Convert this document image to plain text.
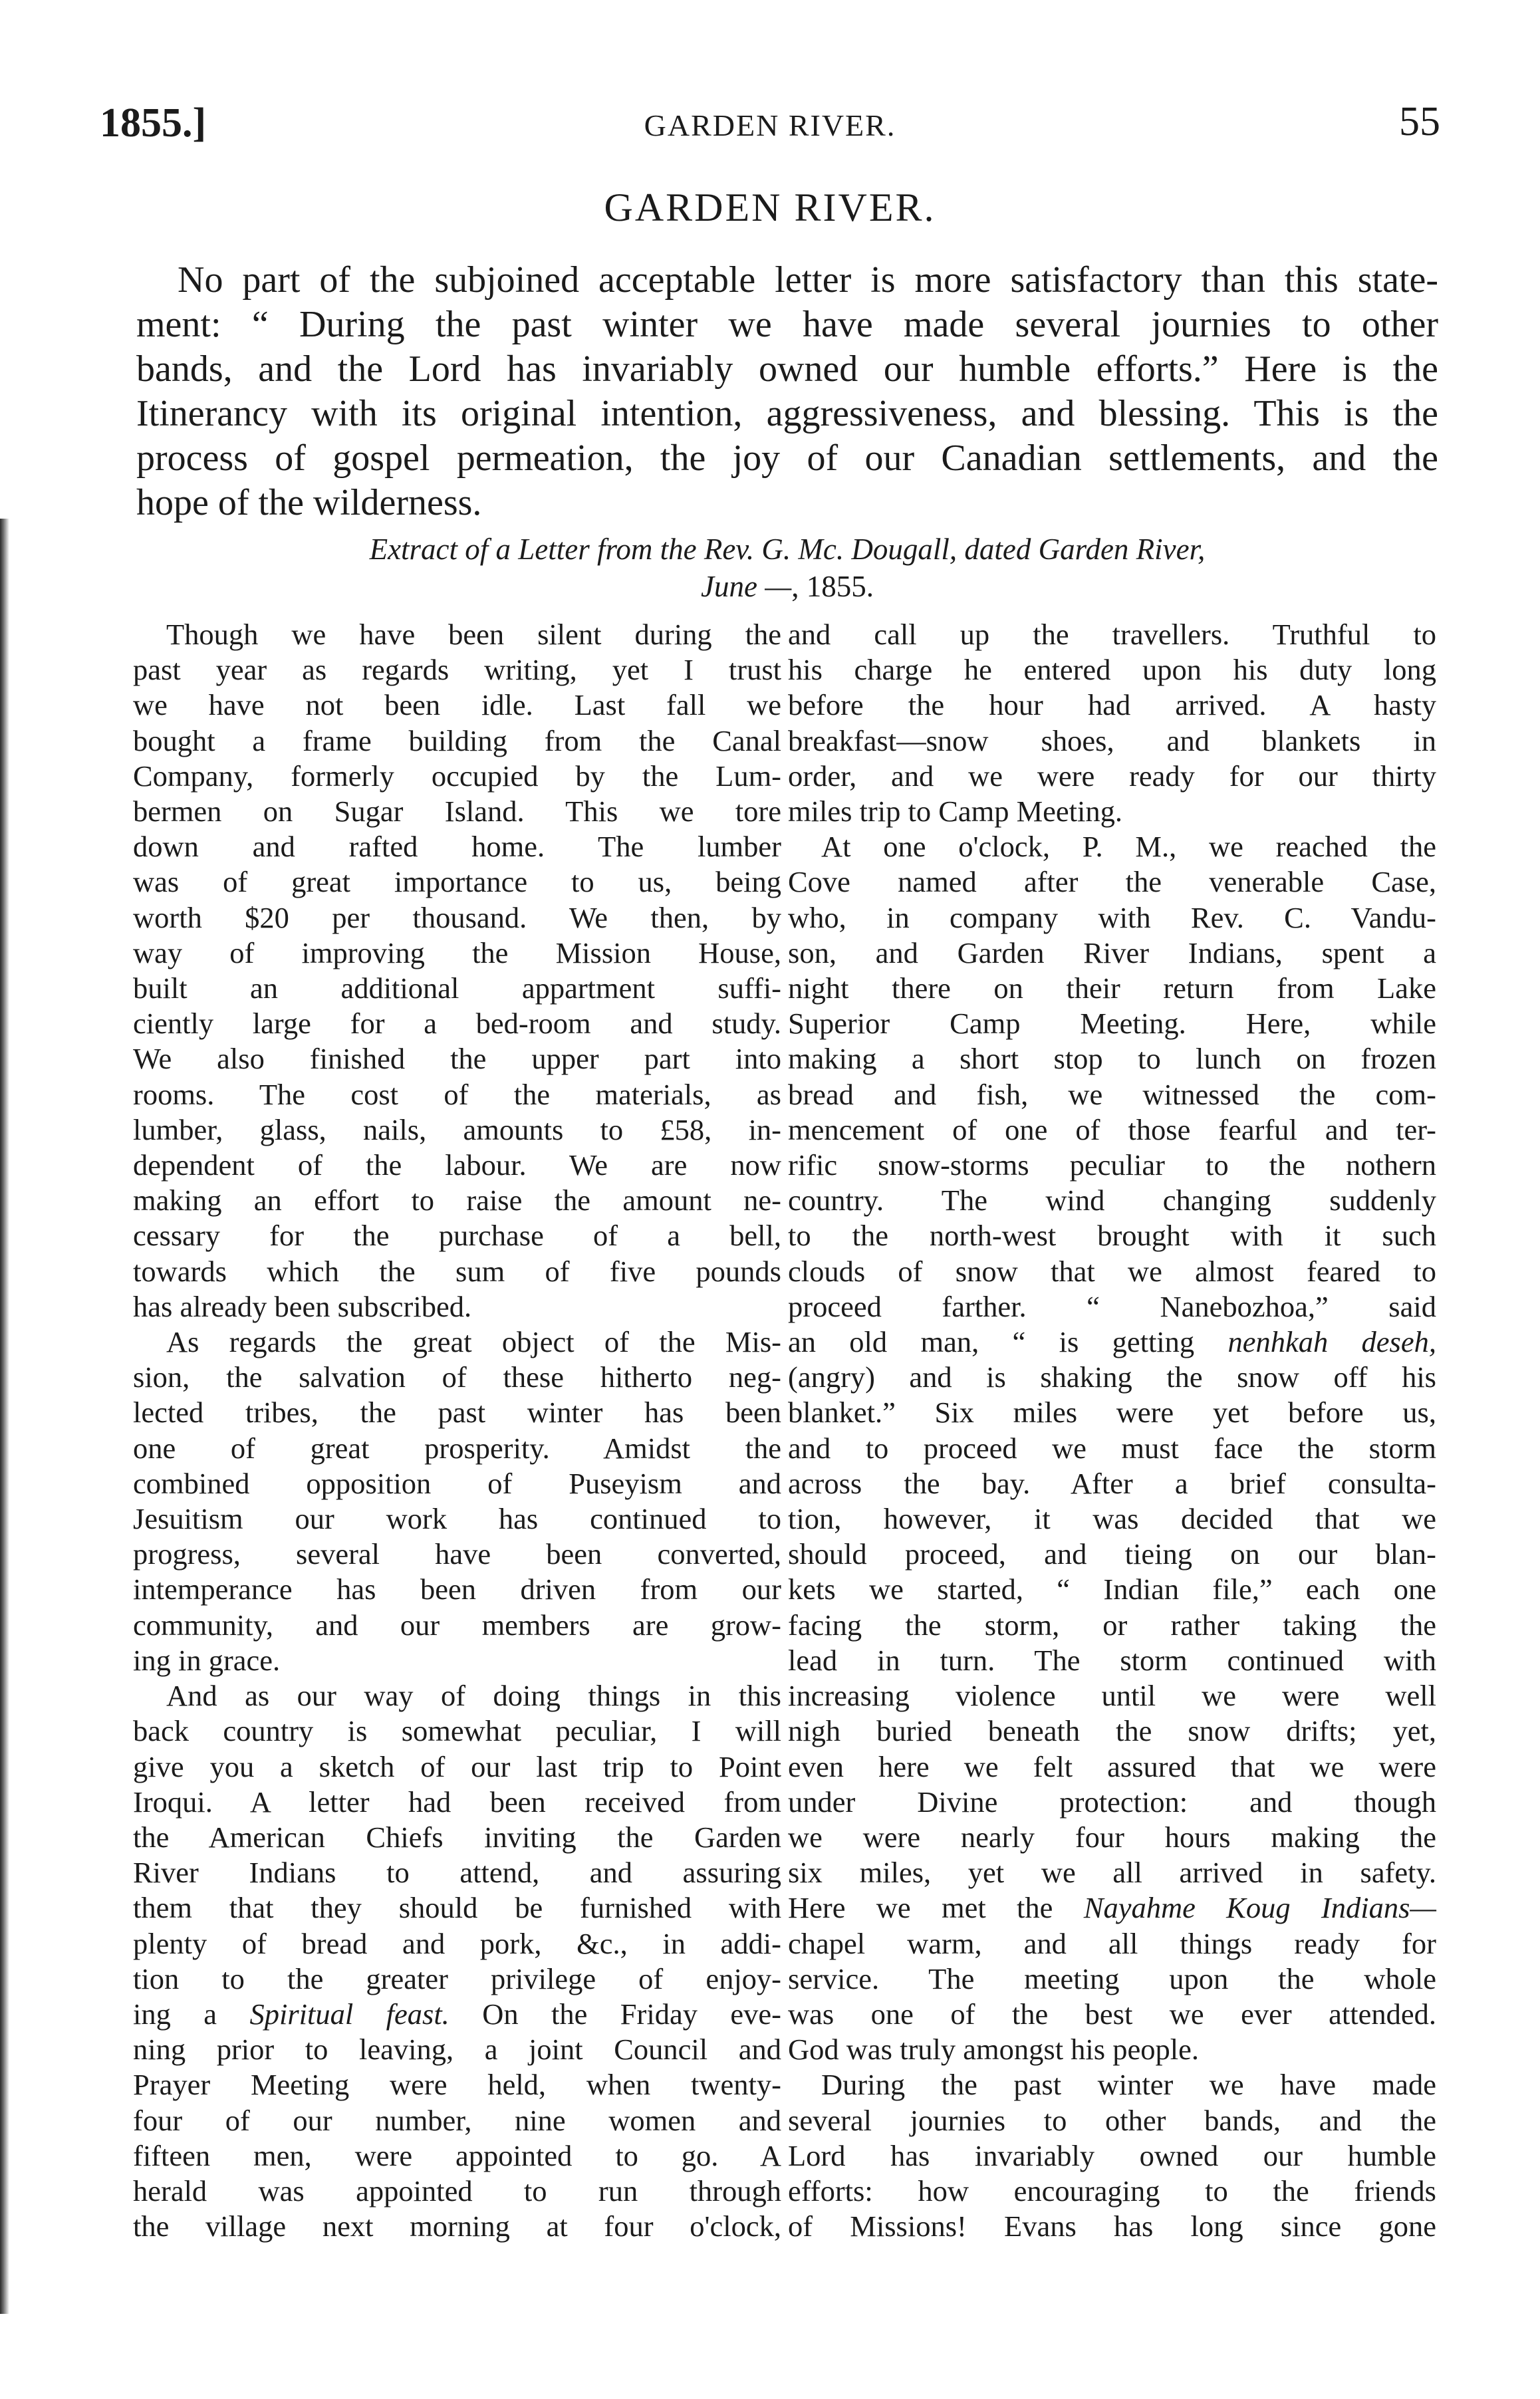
1855.]	GARDEN RIVER.	55
GARDEN RIVER.
No part of the subjoined acceptable letter is more satisfactory than this state-
ment: “ During the past winter we have made several journies to other
bands, and the Lord has invariably owned our humble efforts.” Here is the
Itinerancy with its original intention, aggressiveness, and blessing. This is the
process of gospel permeation, the joy of our Canadian settlements, and the
hope of the wilderness.
Extract of a Letter from the Rev. G. Mc. Dougall, dated Garden River,
June —, 1855.
Though we have been silent during the
past year as regards writing, yet I trust
we have not been idle. Last fall we
bought a frame building from the Canal
Company, formerly occupied by the Lum-
bermen on Sugar Island. This we tore
down and rafted home. The lumber
was of great importance to us, being
worth $20 per thousand. We then, by
way of improving the Mission House,
built an additional appartment suffi-
ciently large for a bed-room and study.
We also finished the upper part into
rooms. The cost of the materials, as
lumber, glass, nails, amounts to £58, in-
dependent of the labour. We are now
making an effort to raise the amount ne-
cessary for the purchase of a bell,
towards which the sum of five pounds
has already been subscribed.
As regards the great object of the Mis-
sion, the salvation of these hitherto neg-
lected tribes, the past winter has been
one of great prosperity. Amidst the
combined opposition of Puseyism and
Jesuitism our work has continued to
progress, several have been converted,
intemperance has been driven from our
community, and our members are grow-
ing in grace.
And as our way of doing things in this
back country is somewhat peculiar, I will
give you a sketch of our last trip to Point
Iroqui. A letter had been received from
the American Chiefs inviting the Garden
River Indians to attend, and assuring
them that they should be furnished with
plenty of bread and pork, &c., in addi-
tion to the greater privilege of enjoy-
ing a Spiritual feast. On the Friday eve-
ning prior to leaving, a joint Council and
Prayer Meeting were held, when twenty-
four of our number, nine women and
fifteen men, were appointed to go. A
herald was appointed to run through
the village next morning at four o'clock,
and call up the travellers. Truthful to
his charge he entered upon his duty long
before the hour had arrived. A hasty
breakfast—snow shoes, and blankets in
order, and we were ready for our thirty
miles trip to Camp Meeting.
At one o'clock, P. M., we reached the
Cove named after the venerable Case,
who, in company with Rev. C. Vandu-
son, and Garden River Indians, spent a
night there on their return from Lake
Superior Camp Meeting. Here, while
making a short stop to lunch on frozen
bread and fish, we witnessed the com-
mencement of one of those fearful and ter-
rific snow-storms peculiar to the nothern
country. The wind changing suddenly
to the north-west brought with it such
clouds of snow that we almost feared to
proceed farther. “ Nanebozhoa,” said
an old man, “ is getting nenhkah deseh,
(angry) and is shaking the snow off his
blanket.” Six miles were yet before us,
and to proceed we must face the storm
across the bay. After a brief consulta-
tion, however, it was decided that we
should proceed, and tieing on our blan-
kets we started, “ Indian file,” each one
facing the storm, or rather taking the
lead in turn. The storm continued with
increasing violence until we were well
nigh buried beneath the snow drifts; yet,
even here we felt assured that we were
under Divine protection: and though
we were nearly four hours making the
six miles, yet we all arrived in safety.
Here we met the Nayahme Koug Indians—
chapel warm, and all things ready for
service. The meeting upon the whole
was one of the best we ever attended.
God was truly amongst his people.
During the past winter we have made
several journies to other bands, and the
Lord has invariably owned our humble
efforts: how encouraging to the friends
of Missions! Evans has long since gone
